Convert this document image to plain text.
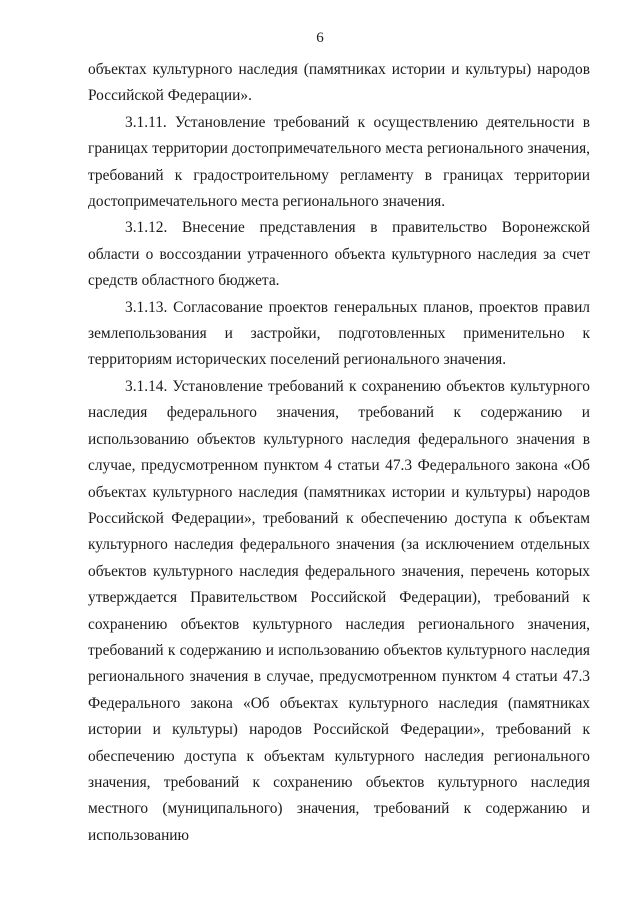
6

объектах культурного наследия (памятниках истории и культуры) народов Российской Федерации».

3.1.11. Установление требований к осуществлению деятельности в границах территории достопримечательного места регионального значения, требований к градостроительному регламенту в границах территории достопримечательного места регионального значения.

3.1.12. Внесение представления в правительство Воронежской области о воссоздании утраченного объекта культурного наследия за счет средств областного бюджета.

3.1.13. Согласование проектов генеральных планов, проектов правил землепользования и застройки, подготовленных применительно к территориям исторических поселений регионального значения.

3.1.14. Установление требований к сохранению объектов культурного наследия федерального значения, требований к содержанию и использованию объектов культурного наследия федерального значения в случае, предусмотренном пунктом 4 статьи 47.3 Федерального закона «Об объектах культурного наследия (памятниках истории и культуры) народов Российской Федерации», требований к обеспечению доступа к объектам культурного наследия федерального значения (за исключением отдельных объектов культурного наследия федерального значения, перечень которых утверждается Правительством Российской Федерации), требований к сохранению объектов культурного наследия регионального значения, требований к содержанию и использованию объектов культурного наследия регионального значения в случае, предусмотренном пунктом 4 статьи 47.3 Федерального закона «Об объектах культурного наследия (памятниках истории и культуры) народов Российской Федерации», требований к обеспечению доступа к объектам культурного наследия регионального значения, требований к сохранению объектов культурного наследия местного (муниципального) значения, требований к содержанию и использованию
